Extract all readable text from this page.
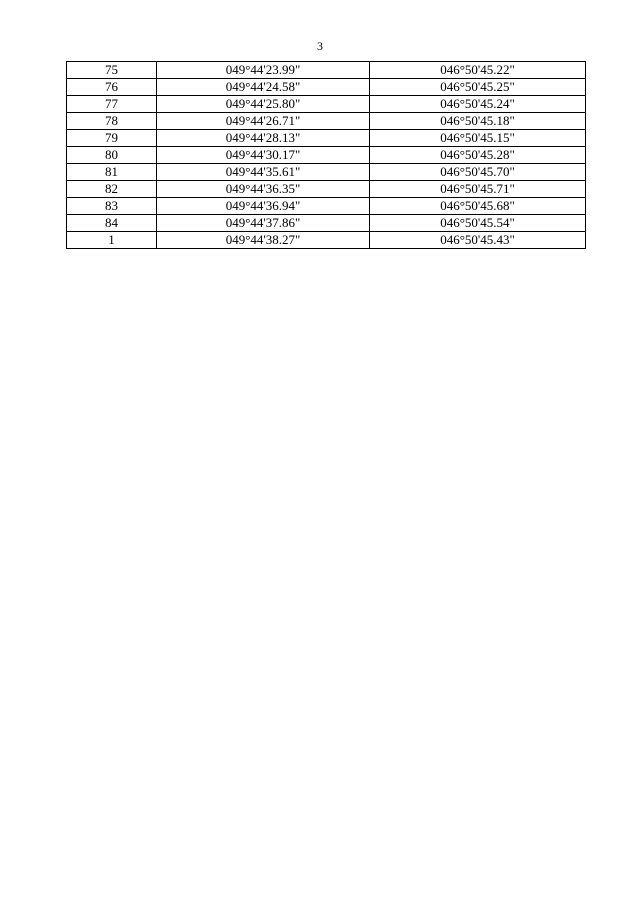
3
75	049°44'23.99"	046°50'45.22"
76	049°44'24.58"	046°50'45.25"
77	049°44'25.80"	046°50'45.24"
78	049°44'26.71"	046°50'45.18"
79	049°44'28.13"	046°50'45.15"
80	049°44'30.17"	046°50'45.28"
81	049°44'35.61"	046°50'45.70"
82	049°44'36.35"	046°50'45.71"
83	049°44'36.94"	046°50'45.68"
84	049°44'37.86"	046°50'45.54"
1	049°44'38.27"	046°50'45.43"
